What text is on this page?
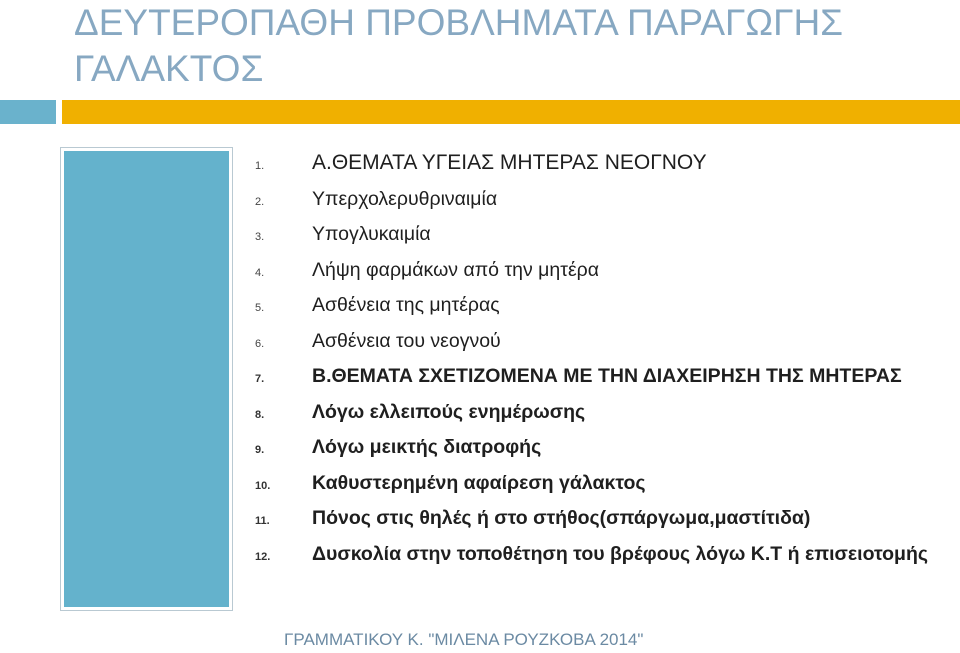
ΔΕΥΤΕΡΟΠΑΘΗ ΠΡΟΒΛΗΜΑΤΑ ΠΑΡΑΓΩΓΗΣ ΓΑΛΑΚΤΟΣ
1.	Α.ΘΕΜΑΤΑ ΥΓΕΙΑΣ ΜΗΤΕΡΑΣ ΝΕΟΓΝΟΥ
2.	Υπερχολερυθριναιμία
3.	Υπογλυκαιμία
4.	Λήψη φαρμάκων από την μητέρα
5.	Ασθένεια της μητέρας
6.	Ασθένεια του νεογνού
7.	Β.ΘΕΜΑΤΑ ΣΧΕΤΙΖΟΜΕΝΑ ΜΕ ΤΗΝ ΔΙΑΧΕΙΡΗΣΗ ΤΗΣ ΜΗΤΕΡΑΣ
8.	Λόγω ελλειπούς ενημέρωσης
9.	Λόγω μεικτής διατροφής
10.	Καθυστερημένη αφαίρεση γάλακτος
11.	Πόνος στις θηλές ή στο στήθος(σπάργωμα,μαστίτιδα)
12.	Δυσκολία στην τοποθέτηση του βρέφους λόγω Κ.Τ ή επισειοτομής

ΓΡΑΜΜΑΤΙΚΟΥ Κ. "ΜΙΛΕΝΑ ΡΟΥΖΚΟΒΑ 2014"
